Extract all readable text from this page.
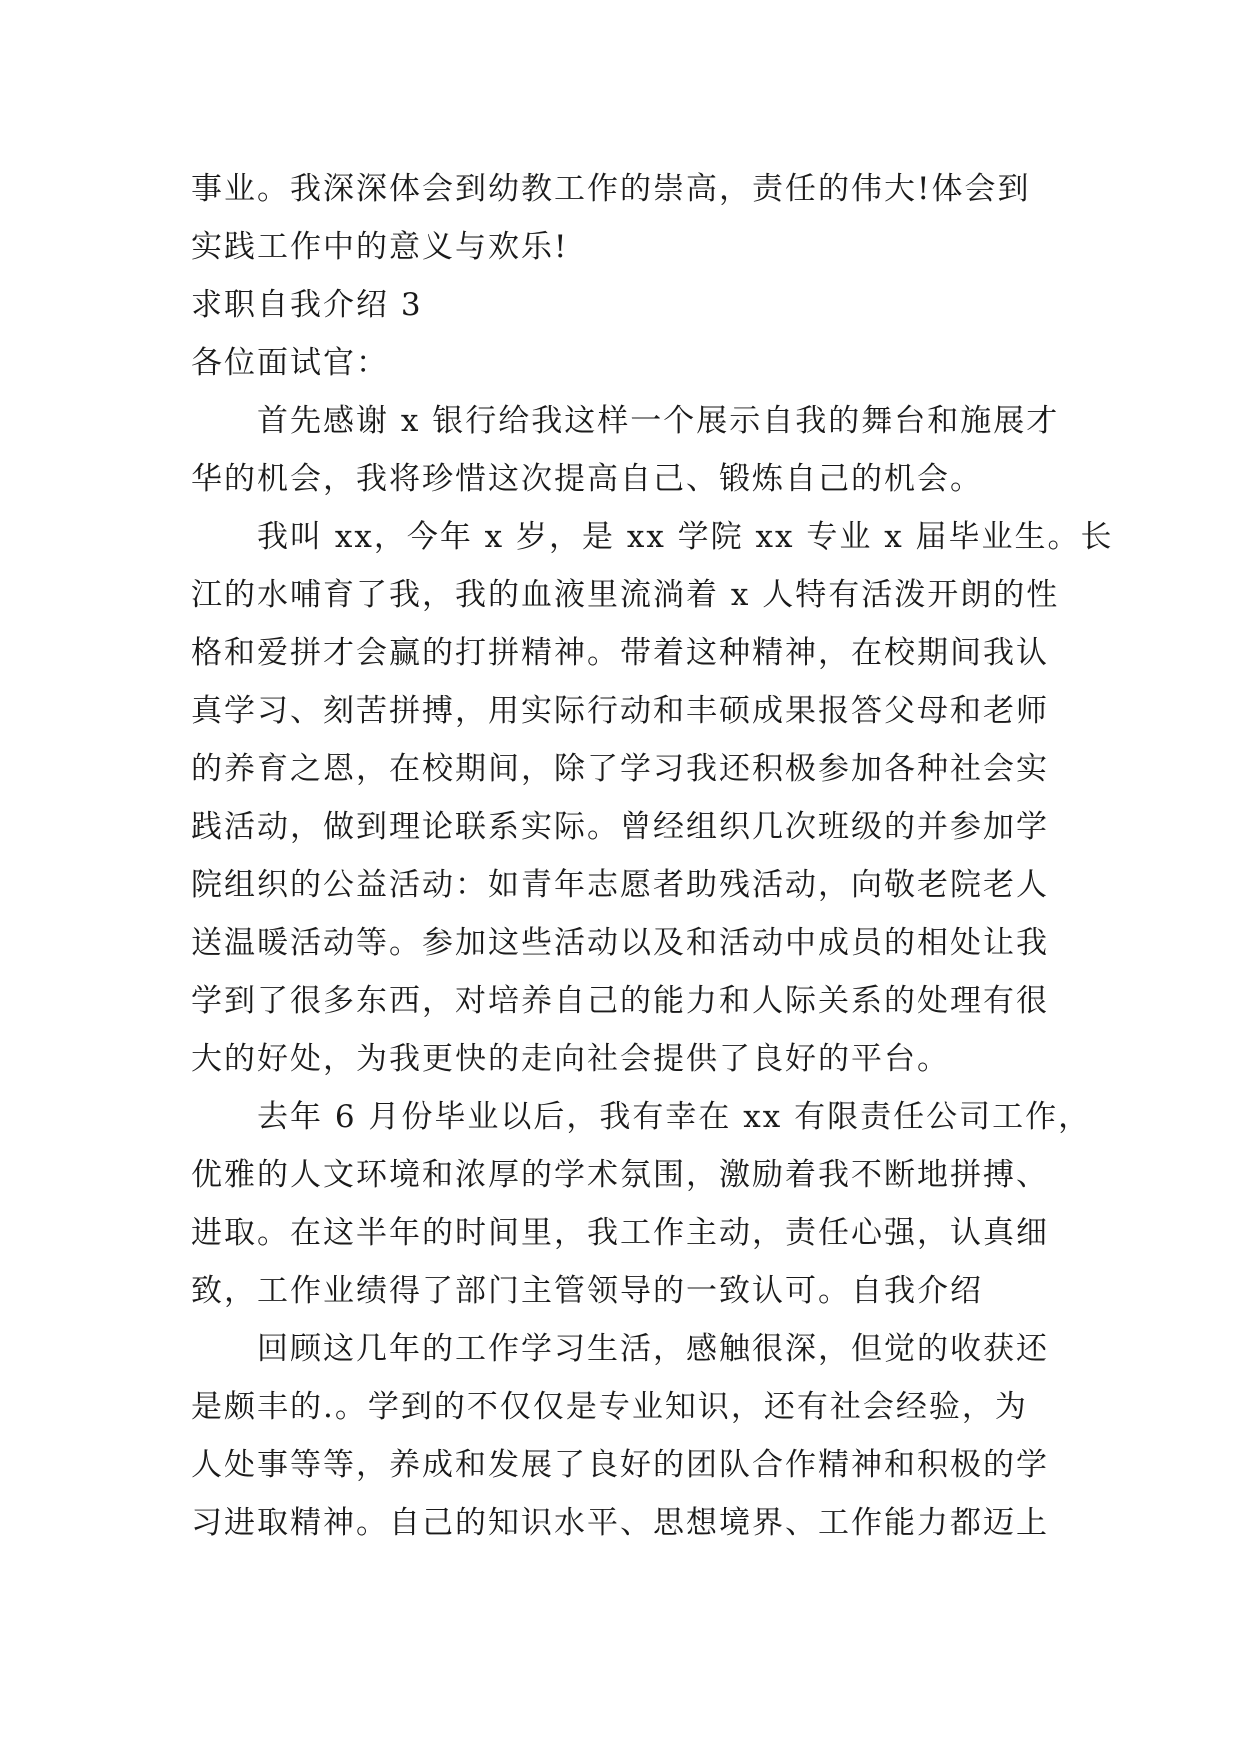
事业。我深深体会到幼教工作的崇高，责任的伟大!体会到
实践工作中的意义与欢乐!
求职自我介绍 3
各位面试官：
首先感谢 x 银行给我这样一个展示自我的舞台和施展才
华的机会，我将珍惜这次提高自己、锻炼自己的机会。
我叫 xx，今年 x 岁，是 xx 学院 xx 专业 x 届毕业生。长
江的水哺育了我，我的血液里流淌着 x 人特有活泼开朗的性
格和爱拼才会赢的打拼精神。带着这种精神，在校期间我认
真学习、刻苦拼搏，用实际行动和丰硕成果报答父母和老师
的养育之恩，在校期间，除了学习我还积极参加各种社会实
践活动，做到理论联系实际。曾经组织几次班级的并参加学
院组织的公益活动：如青年志愿者助残活动，向敬老院老人
送温暖活动等。参加这些活动以及和活动中成员的相处让我
学到了很多东西，对培养自己的能力和人际关系的处理有很
大的好处，为我更快的走向社会提供了良好的平台。
去年 6 月份毕业以后，我有幸在 xx 有限责任公司工作，
优雅的人文环境和浓厚的学术氛围，激励着我不断地拼搏、
进取。在这半年的时间里，我工作主动，责任心强，认真细
致，工作业绩得了部门主管领导的一致认可。自我介绍
回顾这几年的工作学习生活，感触很深，但觉的收获还
是颇丰的.。学到的不仅仅是专业知识，还有社会经验，为
人处事等等，养成和发展了良好的团队合作精神和积极的学
习进取精神。自己的知识水平、思想境界、工作能力都迈上
